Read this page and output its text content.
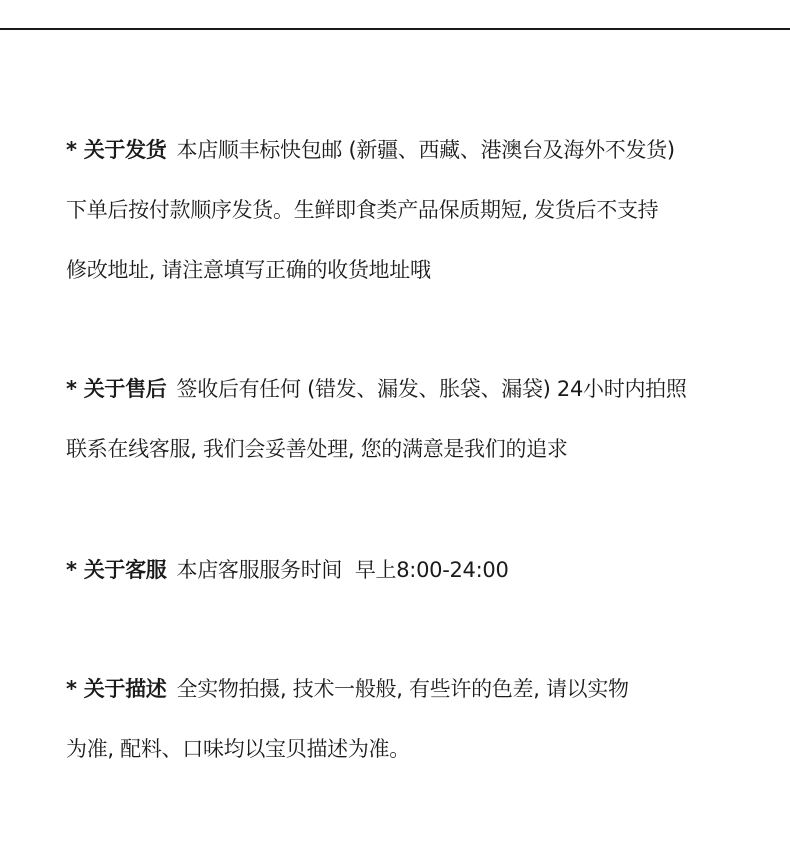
* 关于发货 本店顺丰标快包邮 (新疆、西藏、港澳台及海外不发货)
下单后按付款顺序发货。生鲜即食类产品保质期短, 发货后不支持
修改地址, 请注意填写正确的收货地址哦
* 关于售后 签收后有任何 (错发、漏发、胀袋、漏袋) 24小时内拍照
联系在线客服, 我们会妥善处理, 您的满意是我们的追求
* 关于客服 本店客服服务时间  早上8:00-24:00
* 关于描述 全实物拍摄, 技术一般般, 有些许的色差, 请以实物
为准, 配料、口味均以宝贝描述为准。
